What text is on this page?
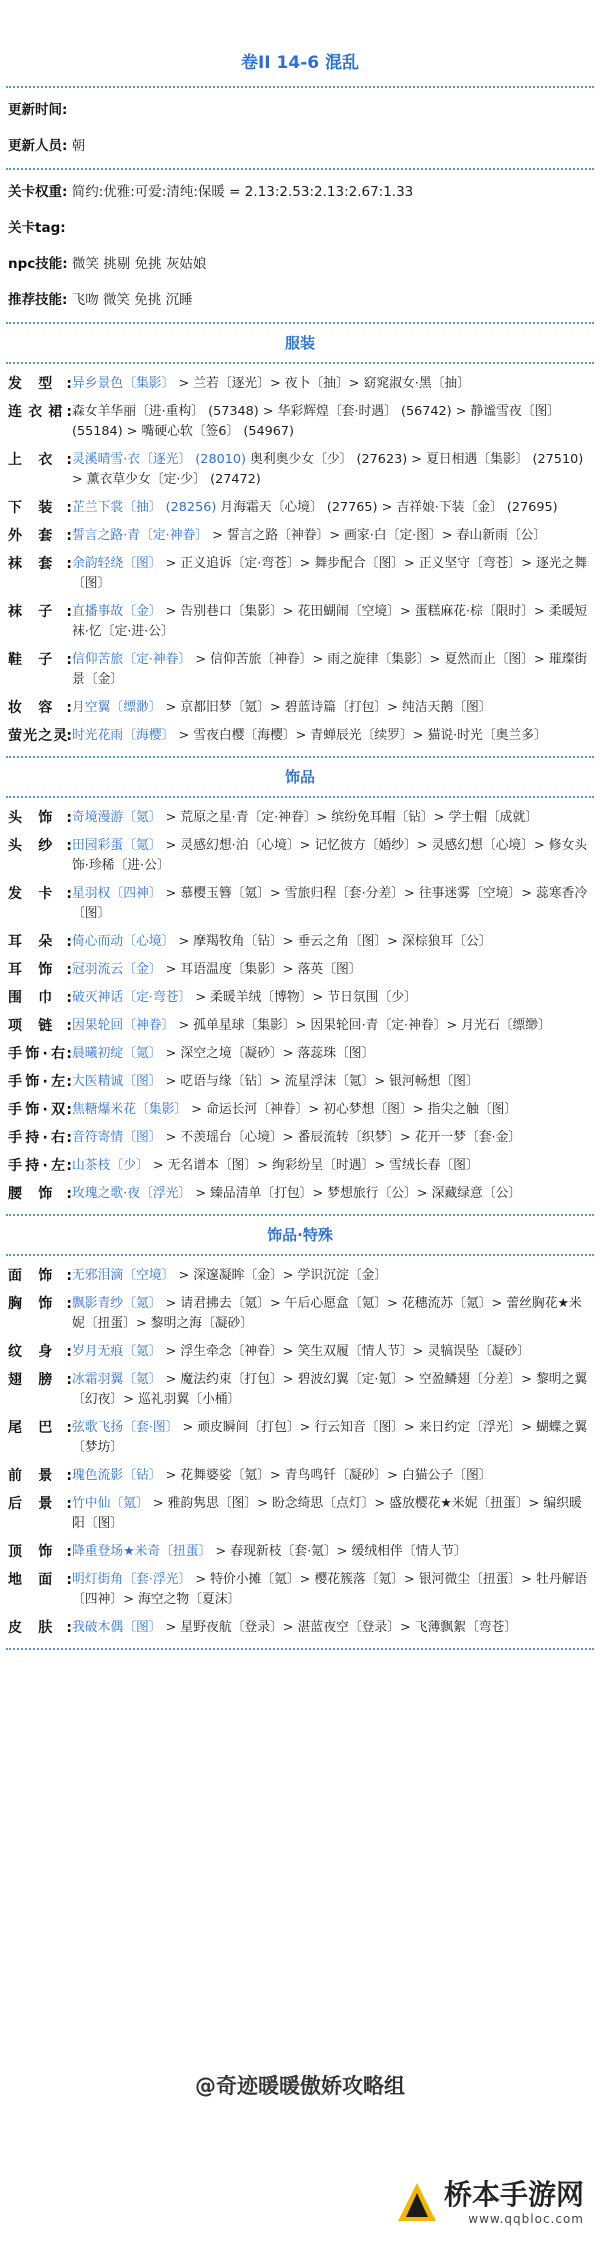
卷II 14-6 混乱
更新时间:
更新人员: 朝
关卡权重: 简约:优雅:可爱:清纯:保暖 = 2.13:2.53:2.13:2.67:1.33
关卡tag:
npc技能: 微笑 挑剔 免挑 灰姑娘
推荐技能: 飞吻 微笑 免挑 沉睡
服装
发 型 : 异乡景色〔集影〕 > 兰若〔逐光〕> 夜卜〔抽〕> 窈窕淑女·黑〔抽〕
连 衣 裙 : 森女羊华丽〔进·重构〕 (57348) > 华彩辉煌〔套·时遇〕 (56742) > 静谧雪夜〔图〕 (55184) > 嘴硬心软〔签6〕 (54967)
上 衣 : 灵溪晴雪·衣〔逐光〕 (28010) 奥利奥少女〔少〕 (27623) > 夏日相遇〔集影〕 (27510) > 薰衣草少女〔定·少〕 (27472)
下 装 : 芷兰下裳〔抽〕 (28256) 月海霜天〔心境〕 (27765) > 吉祥娘·下装〔金〕 (27695)
外 套 : 誓言之路·青〔定·神眷〕 > 誓言之路〔神眷〕> 画家·白〔定·图〕> 春山新雨〔公〕
袜 套 : 余韵轻绕〔图〕 > 正义追诉〔定·弯苍〕> 舞步配合〔图〕> 正义坚守〔弯苍〕> 逐光之舞〔图〕
袜 子 : 直播事故〔金〕 > 告别巷口〔集影〕> 花田蝴闹〔空境〕> 蛋糕麻花·棕〔限时〕> 柔暖短袜·忆〔定·进·公〕
鞋 子 : 信仰苦旅〔定·神眷〕 > 信仰苦旅〔神眷〕> 雨之旋律〔集影〕> 夏然而止〔图〕> 璀璨街景〔金〕
妆 容 : 月空翼〔缥渺〕 > 京都旧梦〔氪〕> 碧蓝诗篇〔打包〕> 纯洁天鹅〔图〕
萤 光 之 灵 : 时光花雨〔海樱〕 > 雪夜白樱〔海樱〕> 青蝉辰光〔续罗〕> 猫说·时光〔奥兰多〕
饰品
头 饰 : 奇境漫游〔氪〕 > 荒原之星·青〔定·神眷〕> 缤纷免耳帽〔钻〕> 学士帽〔成就〕
头 纱 : 田园彩蛋〔氪〕 > 灵感幻想·泊〔心境〕> 记忆彼方〔婚纱〕> 灵感幻想〔心境〕> 修女头饰·珍稀〔进·公〕
发 卡 : 星羽权〔四神〕 > 慕樱玉簪〔氪〕> 雪旅归程〔套·分差〕> 往事迷雾〔空境〕> 蕊寒香冷〔图〕
耳 朵 : 倚心而动〔心境〕 > 摩羯牧角〔钻〕> 垂云之角〔图〕> 深棕狼耳〔公〕
耳 饰 : 冠羽流云〔金〕 > 耳语温度〔集影〕> 落英〔图〕
围 巾 : 破灭神话〔定·弯苍〕 > 柔暖羊绒〔博物〕> 节日氛围〔少〕
项 链 : 因果轮回〔神眷〕 > 孤单星球〔集影〕> 因果轮回·青〔定·神眷〕> 月光石〔缥缈〕
手 饰 · 右 : 晨曦初绽〔氪〕 > 深空之境〔凝砂〕> 落蕊珠〔图〕
手 饰 · 左 : 大医精诚〔图〕 > 呓语与缘〔钻〕> 流星浮沫〔氪〕> 银河畅想〔图〕
手 饰 · 双 : 焦糖爆米花〔集影〕 > 命运长河〔神眷〕> 初心梦想〔图〕> 指尖之触〔图〕
手 持 · 右 : 音符寄情〔图〕 > 不羡瑶台〔心境〕> 番辰流转〔织梦〕> 花开一梦〔套·金〕
手 持 · 左 : 山茶枝〔少〕 > 无名谱本〔图〕> 绚彩纷呈〔时遇〕> 雪绒长春〔图〕
腰 饰 : 玫瑰之歌·夜〔浮光〕 > 臻品清单〔打包〕> 梦想旅行〔公〕> 深藏绿意〔公〕
饰品·特殊
面 饰 : 无邪泪滴〔空境〕 > 深邃凝眸〔金〕> 学识沉淀〔金〕
胸 饰 : 飘影青纱〔氪〕 > 请君拂去〔氪〕> 午后心愿盒〔氪〕> 花穗流苏〔氪〕> 蕾丝胸花★米妮〔扭蛋〕> 黎明之海〔凝砂〕
纹 身 : 岁月无痕〔氪〕 > 浮生牵念〔神眷〕> 笑生双履〔情人节〕> 灵犒误坠〔凝砂〕
翅 膀 : 冰霜羽翼〔氪〕 > 魔法约束〔打包〕> 碧波幻翼〔定·氪〕> 空盈鳞翅〔分差〕> 黎明之翼〔幻夜〕> 巡礼羽翼〔小桶〕
尾 巴 : 弦歌飞扬〔套·图〕 > 顽皮瞬间〔打包〕> 行云知音〔图〕> 来日约定〔浮光〕> 蝴蝶之翼〔梦坊〕
前 景 : 瑰色流影〔钻〕 > 花舞婆娑〔氪〕> 青鸟鸣钎〔凝砂〕> 白猫公子〔图〕
后 景 : 竹中仙〔氪〕 > 雅韵隽思〔图〕> 盼念绮思〔点灯〕> 盛放樱花★米妮〔扭蛋〕> 编织暖阳〔图〕
顶 饰 : 降重登场★米奇〔扭蛋〕 > 春现新枝〔套·氪〕> 缓绒相伴〔情人节〕
地 面 : 明灯街角〔套·浮光〕 > 特价小摊〔氪〕> 樱花簇落〔氪〕> 银河微尘〔扭蛋〕> 牡丹解语〔四神〕> 海空之物〔夏沫〕
皮 肤 : 我破木偶〔图〕 > 星野夜航〔登录〕> 湛蓝夜空〔登录〕> 飞薄飘絮〔弯苍〕
@奇迹暖暖傲娇攻略组
桥本手游网
www.qqbloc.com
